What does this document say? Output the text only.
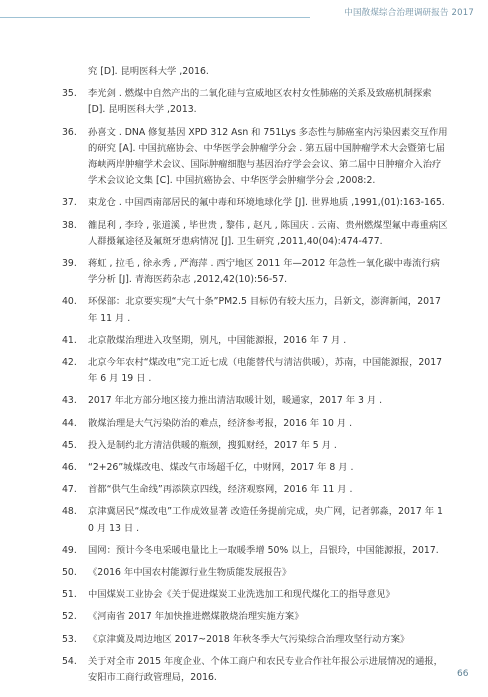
中国散煤综合治理调研报告 2017
究 [D]. 昆明医科大学 ,2016.
35.	李光剑 . 燃煤中自然产出的二氧化硅与宣威地区农村女性肺癌的关系及致癌机制探索 [D]. 昆明医科大学 ,2013.
36.	孙喜文 . DNA 修复基因 XPD 312 Asn 和 751Lys 多态性与肺癌室内污染因素交互作用的研究 [A]. 中国抗癌协会、中华医学会肿瘤学分会 . 第五届中国肿瘤学术大会暨第七届海峡两岸肿瘤学术会议、国际肿瘤细胞与基因治疗学会会议、第二届中日肿瘤介入治疗学术会议论文集 [C]. 中国抗癌协会、中华医学会肿瘤学分会 ,2008:2.
37.	束龙仓 . 中国西南部居民的氟中毒和环境地球化学 [J]. 世界地质 ,1991,(01):163-165.
38.	雒昆利 , 李玲 , 张道溪 , 毕世贵 , 黎伟 , 赵凡 , 陈国庆 . 云南、贵州燃煤型氟中毒重病区人群摄氟途径及氟斑牙患病情况 [J]. 卫生研究 ,2011,40(04):474-477.
39.	蒋虹 , 拉毛 , 徐永秀 , 严海萍 . 西宁地区 2011 年—2012 年急性一氧化碳中毒流行病学分析 [J]. 青海医药杂志 ,2012,42(10):56-57.
40.	环保部：北京要实现“大气十条”PM2.5 目标仍有较大压力，吕新文，澎湃新闻，2017 年 11 月 .
41.	北京散煤治理进入攻坚期，别凡，中国能源报，2016 年 7 月 .
42.	北京今年农村“煤改电”完工近七成（电能替代与清洁供暖），苏南，中国能源报，2017 年 6 月 19 日 .
43.	2017 年北方部分地区接力推出清洁取暖计划，暖通家，2017 年 3 月 .
44.	散煤治理是大气污染防治的难点，经济参考报，2016 年 10 月 .
45.	投入是制约北方清洁供暖的瓶颈，搜狐财经，2017 年 5 月 .
46.	“2+26”城煤改电、煤改气市场超千亿，中财网，2017 年 8 月 .
47.	首都“供气生命线”再添陕京四线，经济观察网，2016 年 11 月 .
48.	京津冀居民“煤改电”工作成效显著 改造任务提前完成，央广网，记者郭淼，2017 年 10 月 13 日 .
49.	国网：预计今冬电采暖电量比上一取暖季增 50% 以上，吕银玲，中国能源报，2017.
50.	《2016 年中国农村能源行业生物质能发展报告》
51.	中国煤炭工业协会《关于促进煤炭工业洗选加工和现代煤化工的指导意见》
52.	《河南省 2017 年加快推进燃煤散烧治理实施方案》
53.	《京津冀及周边地区 2017~2018 年秋冬季大气污染综合治理攻坚行动方案》
54.	关于对全市 2015 年度企业、个体工商户和农民专业合作社年报公示进展情况的通报，安阳市工商行政管理局，2016.	66
